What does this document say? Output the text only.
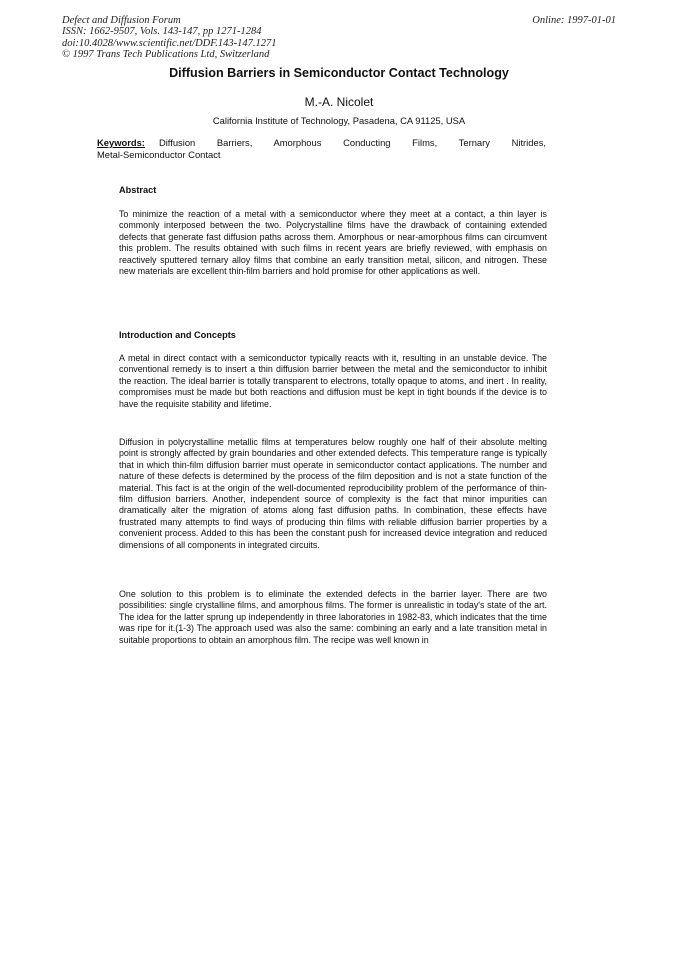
Defect and Diffusion Forum
ISSN: 1662-9507, Vols. 143-147, pp 1271-1284
doi:10.4028/www.scientific.net/DDF.143-147.1271
© 1997 Trans Tech Publications Ltd, Switzerland
Online: 1997-01-01
Diffusion Barriers in Semiconductor Contact Technology
M.-A. Nicolet
California Institute of Technology, Pasadena, CA 91125, USA
Keywords: Diffusion Barriers, Amorphous Conducting Films, Ternary Nitrides,
Metal-Semiconductor Contact
Abstract

To minimize the reaction of a metal with a semiconductor where they meet at a contact, a thin layer is commonly interposed between the two. Polycrystalline films have the drawback of containing extended defects that generate fast diffusion paths across them. Amorphous or near-amorphous films can circumvent this problem. The results obtained with such films in recent years are briefly reviewed, with emphasis on reactively sputtered ternary alloy films that combine an early transition metal, silicon, and nitrogen. These new materials are excellent thin-film barriers and hold promise for other applications as well.

Introduction and Concepts

A metal in direct contact with a semiconductor typically reacts with it, resulting in an unstable device. The conventional remedy is to insert a thin diffusion barrier between the metal and the semiconductor to inhibit the reaction. The ideal barrier is totally transparent to electrons, totally opaque to atoms, and inert . In reality, compromises must be made but both reactions and diffusion must be kept in tight bounds if the device is to have the requisite stability and lifetime.

Diffusion in polycrystalline metallic films at temperatures below roughly one half of their absolute melting point is strongly affected by grain boundaries and other extended defects. This temperature range is typically that in which thin-film diffusion barrier must operate in semiconductor contact applications. The number and nature of these defects is determined by the process of the film deposition and is not a state function of the material. This fact is at the origin of the well-documented reproducibility problem of the performance of thin-film diffusion barriers. Another, independent source of complexity is the fact that minor impurities can dramatically alter the migration of atoms along fast diffusion paths. In combination, these effects have frustrated many attempts to find ways of producing thin films with reliable diffusion barrier properties by a convenient process. Added to this has been the constant push for increased device integration and reduced dimensions of all components in integrated circuits.

One solution to this problem is to eliminate the extended defects in the barrier layer. There are two possibilities: single crystalline films, and amorphous films. The former is unrealistic in today's state of the art. The idea for the latter sprung up independently in three laboratories in 1982-83, which indicates that the time was ripe for it.(1-3) The approach used was also the same: combining an early and a late transition metal in suitable proportions to obtain an amorphous film. The recipe was well known in
